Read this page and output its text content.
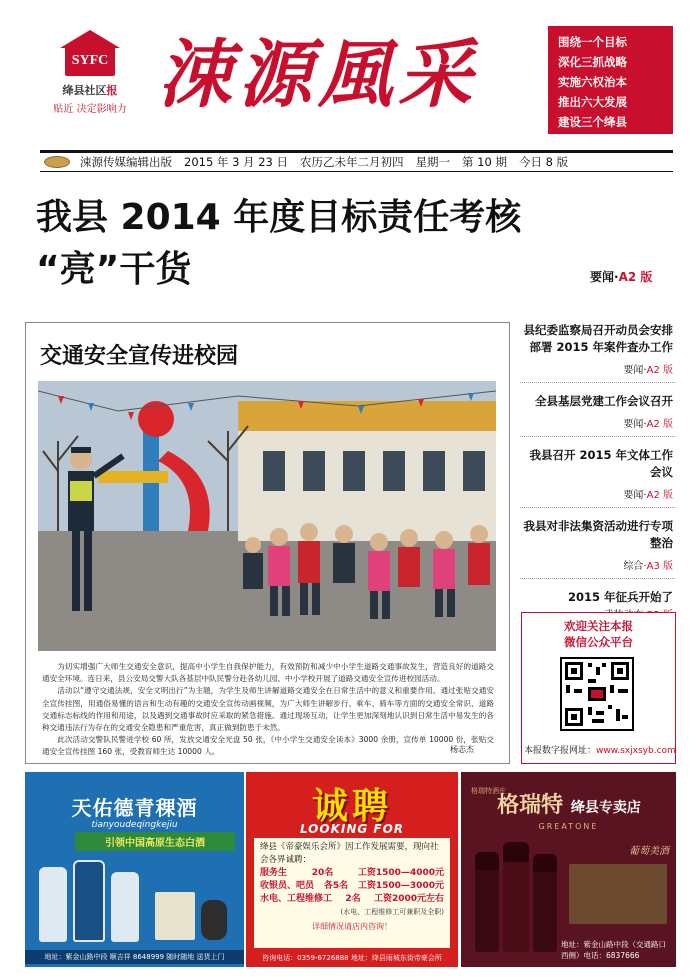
SYFC
绛县社区报
贴近 决定影响力 涑源風采	围绕一个目标
深化三抓战略
实施六权治本
推出六大发展
建设三个绛县
涑源传媒编辑出版 2015 年 3 月 23 日 农历乙未年二月初四 星期一 第 10 期 今日 8 版
我县 2014 年度目标责任考核
“亮”干货	要闻·A2 版
交通安全宣传进校园

为切实增强广大师生交通安全意识，提高中小学生自我保护能力，有效预防和减少中小学生道路交通事故发生，营造良好的道路交通安全环境。连日来，县公安局交警大队各基层中队民警分赴各幼儿园、中小学校开展了道路交通安全宣传进校园活动。

活动以“遵守交通法规，安全文明出行”为主题，为学生及师生讲解道路交通安全在日常生活中的意义和重要作用。通过张贴交通安全宣传挂图，用通俗易懂的语言和生动有趣的交通安全宣传动画视频，为广大师生讲解步行、乘车、骑车等方面的交通安全常识、道路交通标志标线的作用和用途，以及遇到交通事故时应采取的紧急措施。通过现场互动，让学生更加深刻地认识到日常生活中易发生的各种交通违法行为存在的交通安全隐患和严重危害，真正做到防患于未然。

此次活动交警队民警进学校 60 所，发放交通安全光盘 50 张，《中小学生交通安全读本》3000 余册，宣传单 10000 份，张贴交通安全宣传挂图 160 张，受教育师生达 10000 人。	杨志杰
县纪委监察局召开动员会安排部署 2015 年案件查办工作
要闻·A2 版
全县基层党建工作会议召开
要闻·A2 版
我县召开 2015 年文体工作会议
要闻·A2 版
我县对非法集资活动进行专项整治
综合·A3 版
2015 年征兵开始了
欢迎关注本报
微信公众平台
本报数字报网址：www.sxjxsyb.com
天佑德青稞酒
tianyoudeqingkejiu
引领中国高原生态白酒
地址：紫金山路中段 顺吉祥 8648999 随时随地 送货上门
诚聘
LOOKING FOR
绛县《帝豪娱乐会所》因工作发展需要，现向社会各界诚聘：
服务生	20名	工资1500—4000元
收银员、吧员 各5名 工资1500—3000元
水电、工程维修工 2名 工资2000元左右
(水电、工程维修工可兼职及全职)
详细情况请店内咨询！
咨询电话：0359-6726888 地址：绛县雨城东街帝豪会所
格瑞特酒庄
格瑞特 绛县专卖店
GREATONE
葡萄美酒
地址：紫金山路中段（交通路口西侧）电话：6837666
